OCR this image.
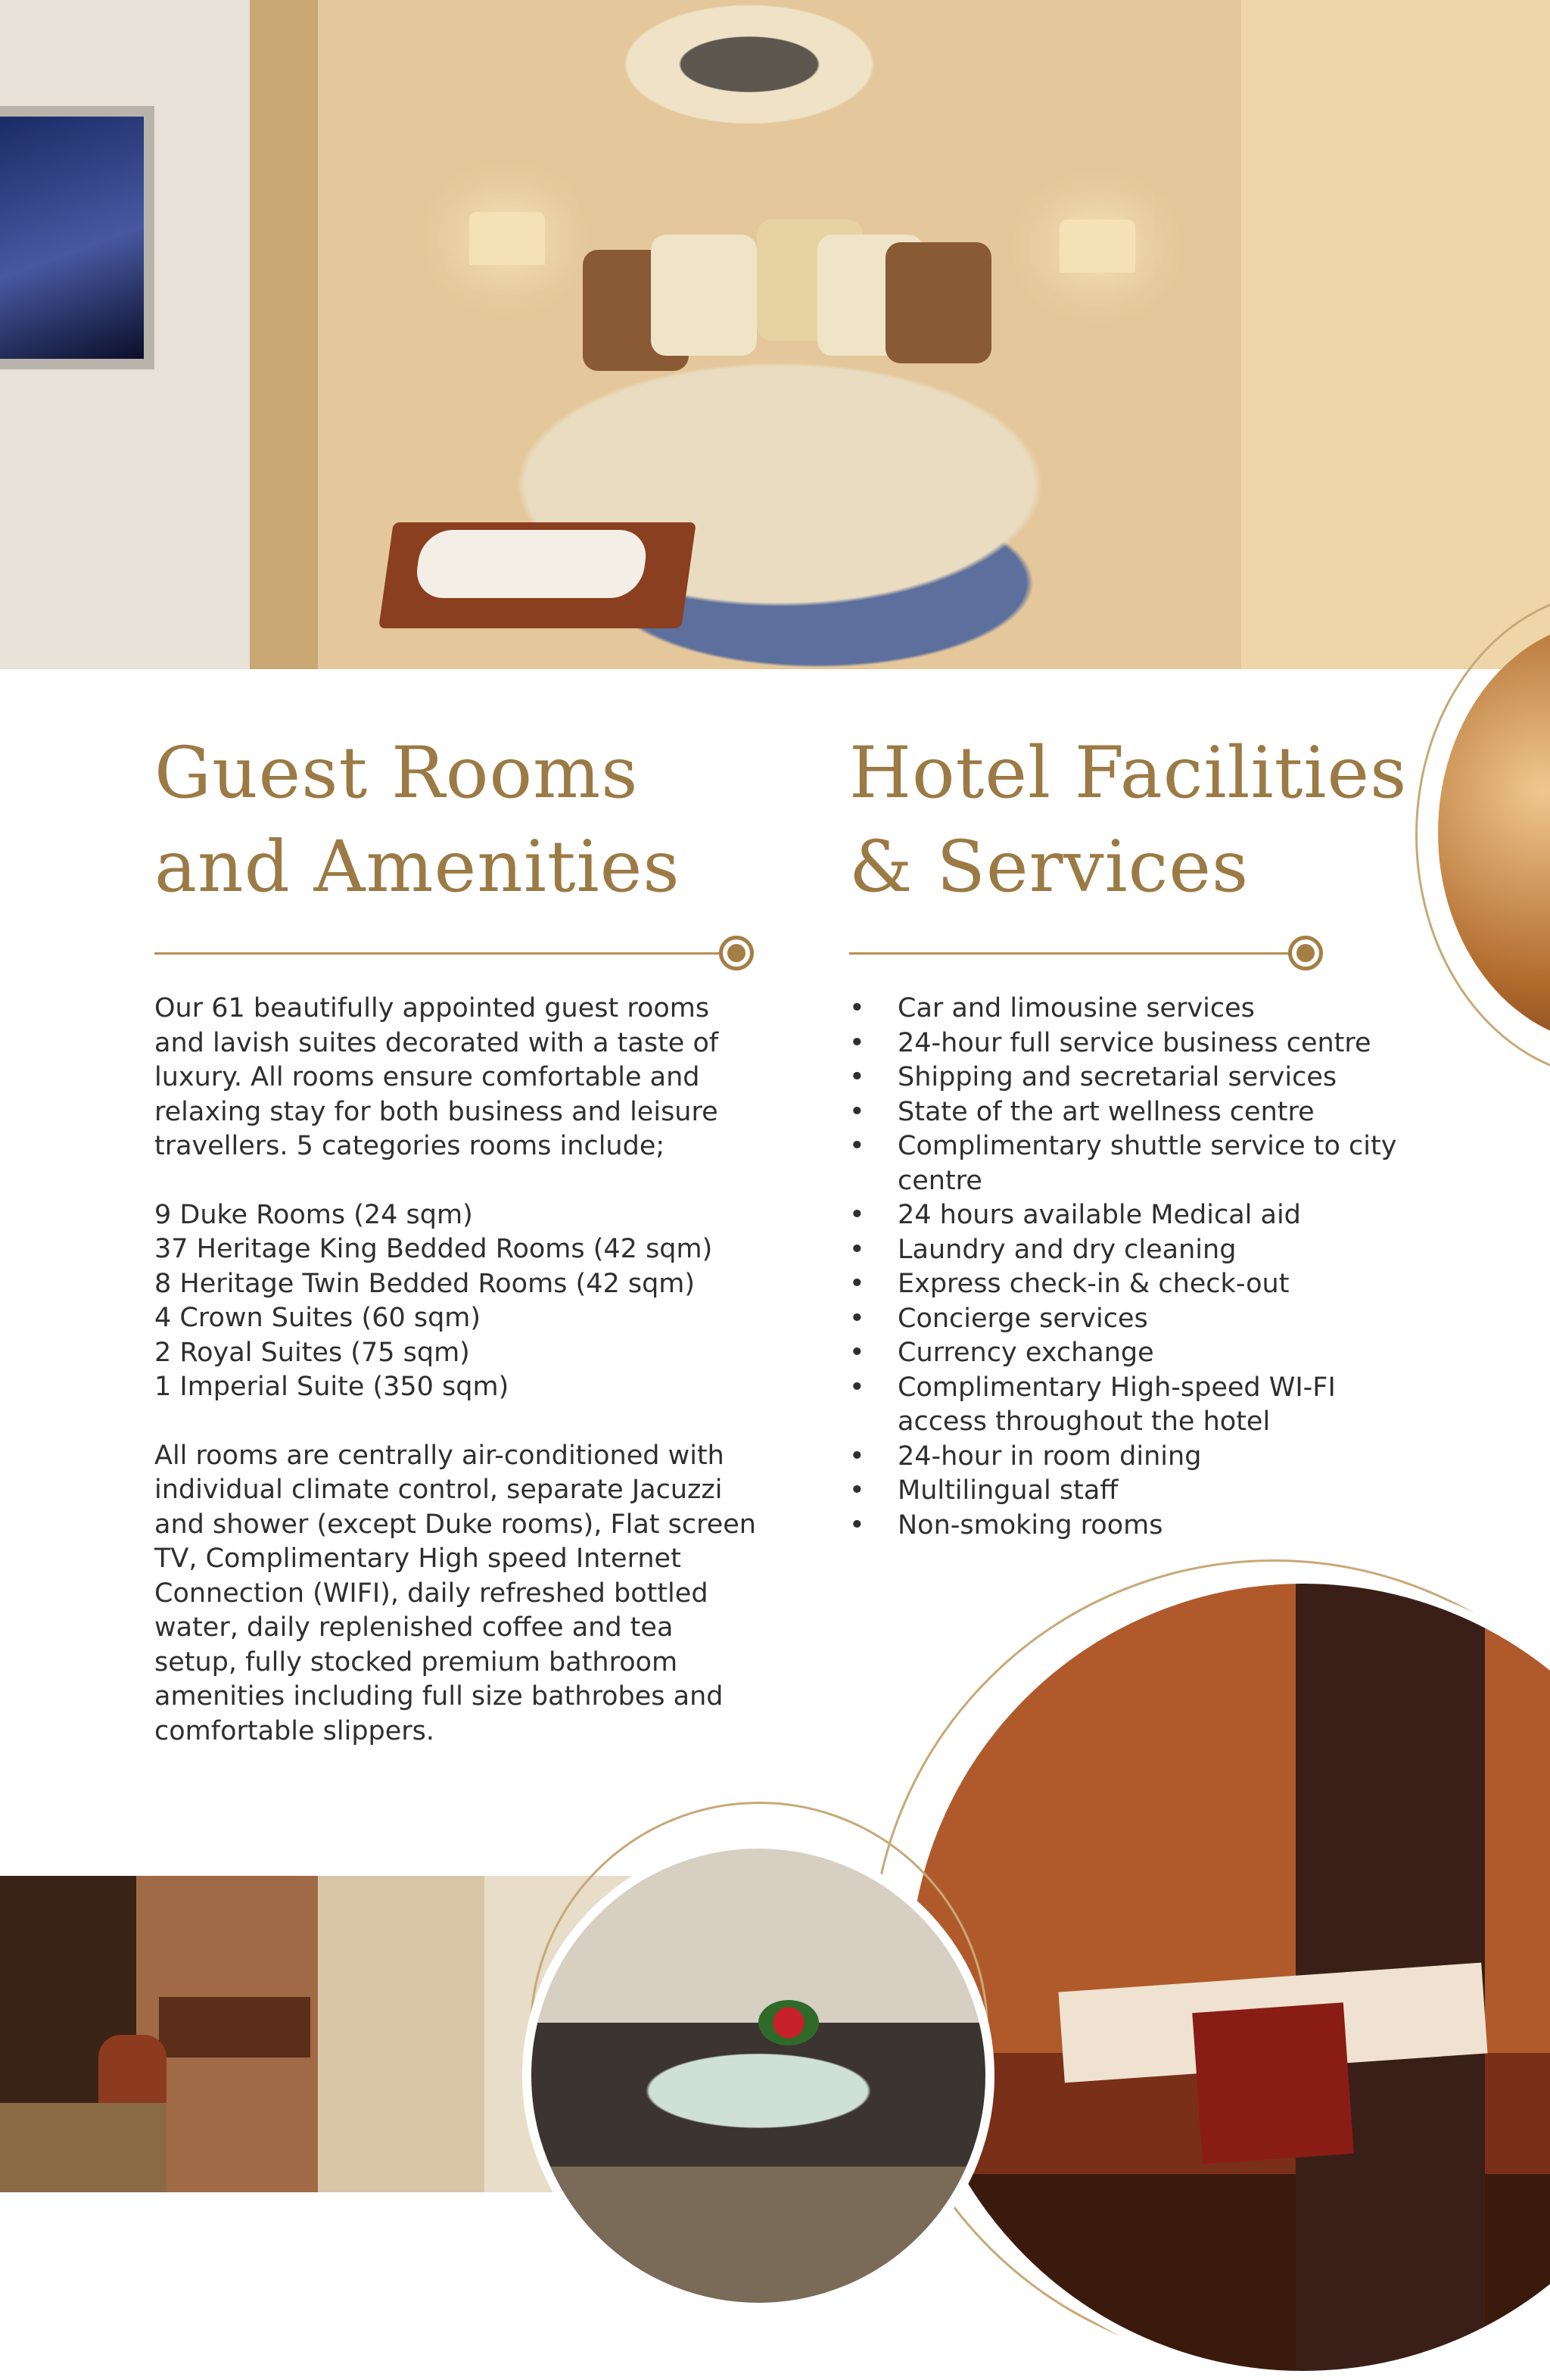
Guest Rooms
and Amenities

Our 61 beautifully appointed guest rooms and lavish suites decorated with a taste of luxury. All rooms ensure comfortable and relaxing stay for both business and leisure travellers. 5 categories rooms include;

9 Duke Rooms (24 sqm)
37 Heritage King Bedded Rooms (42 sqm)
8 Heritage Twin Bedded Rooms (42 sqm)
4 Crown Suites (60 sqm)
2 Royal Suites (75 sqm)
1 Imperial Suite (350 sqm)

All rooms are centrally air-conditioned with individual climate control, separate Jacuzzi and shower (except Duke rooms), Flat screen TV, Complimentary High speed Internet Connection (WIFI), daily refreshed bottled water, daily replenished coffee and tea setup, fully stocked premium bathroom amenities including full size bathrobes and comfortable slippers.

Hotel Facilities
& Services
• Car and limousine services
• 24-hour full service business centre
• Shipping and secretarial services
• State of the art wellness centre
• Complimentary shuttle service to city centre
• 24 hours available Medical aid
• Laundry and dry cleaning
• Express check-in & check-out
• Concierge services
• Currency exchange
• Complimentary High-speed WI-FI access throughout the hotel
• 24-hour in room dining
• Multilingual staff
• Non-smoking rooms
